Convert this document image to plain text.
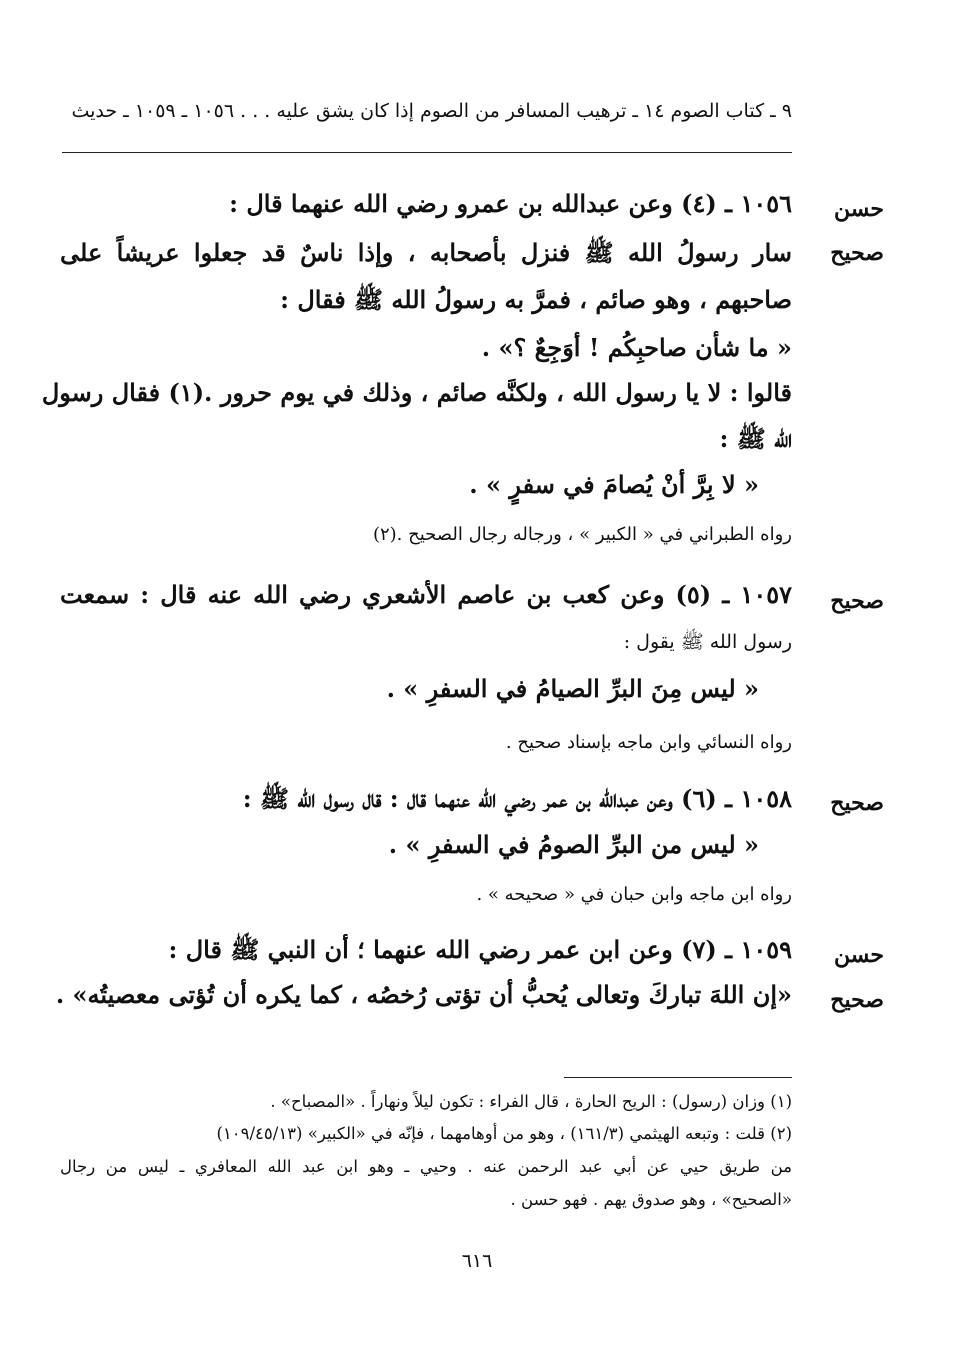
٩ ـ كتاب الصوم ١٤ ـ ترهيب المسافر من الصوم إذا كان يشق عليه . . . ١٠٥٦ ـ ١٠٥٩ ـ حديث
حسن
صحيح
١٠٥٦ ـ (٤) وعن عبدالله بن عمرو رضي الله عنهما قال :
سار رسولُ الله ﷺ فنزل بأصحابه ، وإذا ناسٌ قد جعلوا عريشاً على
صاحبهم ، وهو صائم ، فمرَّ به رسولُ الله ﷺ فقال :
« ما شأن صاحبِكُم ! أوَجِعٌ ؟» .
قالوا : لا يا رسول الله ، ولكنَّه صائم ، وذلك في يوم حرور .(١) فقال رسول
الله ﷺ :
« لا بِرَّ أنْ يُصامَ في سفرٍ » .
رواه الطبراني في « الكبير » ، ورجاله رجال الصحيح .(٢)
صحيح
١٠٥٧ ـ (٥) وعن كعب بن عاصم الأشعري رضي الله عنه قال : سمعت
رسول الله ﷺ يقول :
« ليس مِنَ البرِّ الصيامُ في السفرِ » .
رواه النسائي وابن ماجه بإسناد صحيح .
صحيح
١٠٥٨ ـ (٦) وعن عبدالله بن عمر رضي الله عنهما قال : قال رسول الله ﷺ :
« ليس من البرِّ الصومُ في السفرِ » .
رواه ابن ماجه وابن حبان في « صحيحه » .
حسن
صحيح
١٠٥٩ ـ (٧) وعن ابن عمر رضي الله عنهما ؛ أن النبي ﷺ قال :
«إن اللهَ تباركَ وتعالى يُحبُّ أن تؤتى رُخصُه ، كما يكره أن تُؤتى معصيتُه» .
(١) وزان (رسول) : الريح الحارة ، قال الفراء : تكون ليلاً ونهاراً . «المصباح» .
(٢) قلت : وتبعه الهيثمي (١٦١/٣) ، وهو من أوهامهما ، فإنّه في «الكبير» (١٠٩/٤٥/١٣)
من طريق حيي عن أبي عبد الرحمن عنه . وحيي ـ وهو ابن عبد الله المعافري ـ ليس من رجال
«الصحيح» ، وهو صدوق يهم . فهو حسن .
٦١٦
